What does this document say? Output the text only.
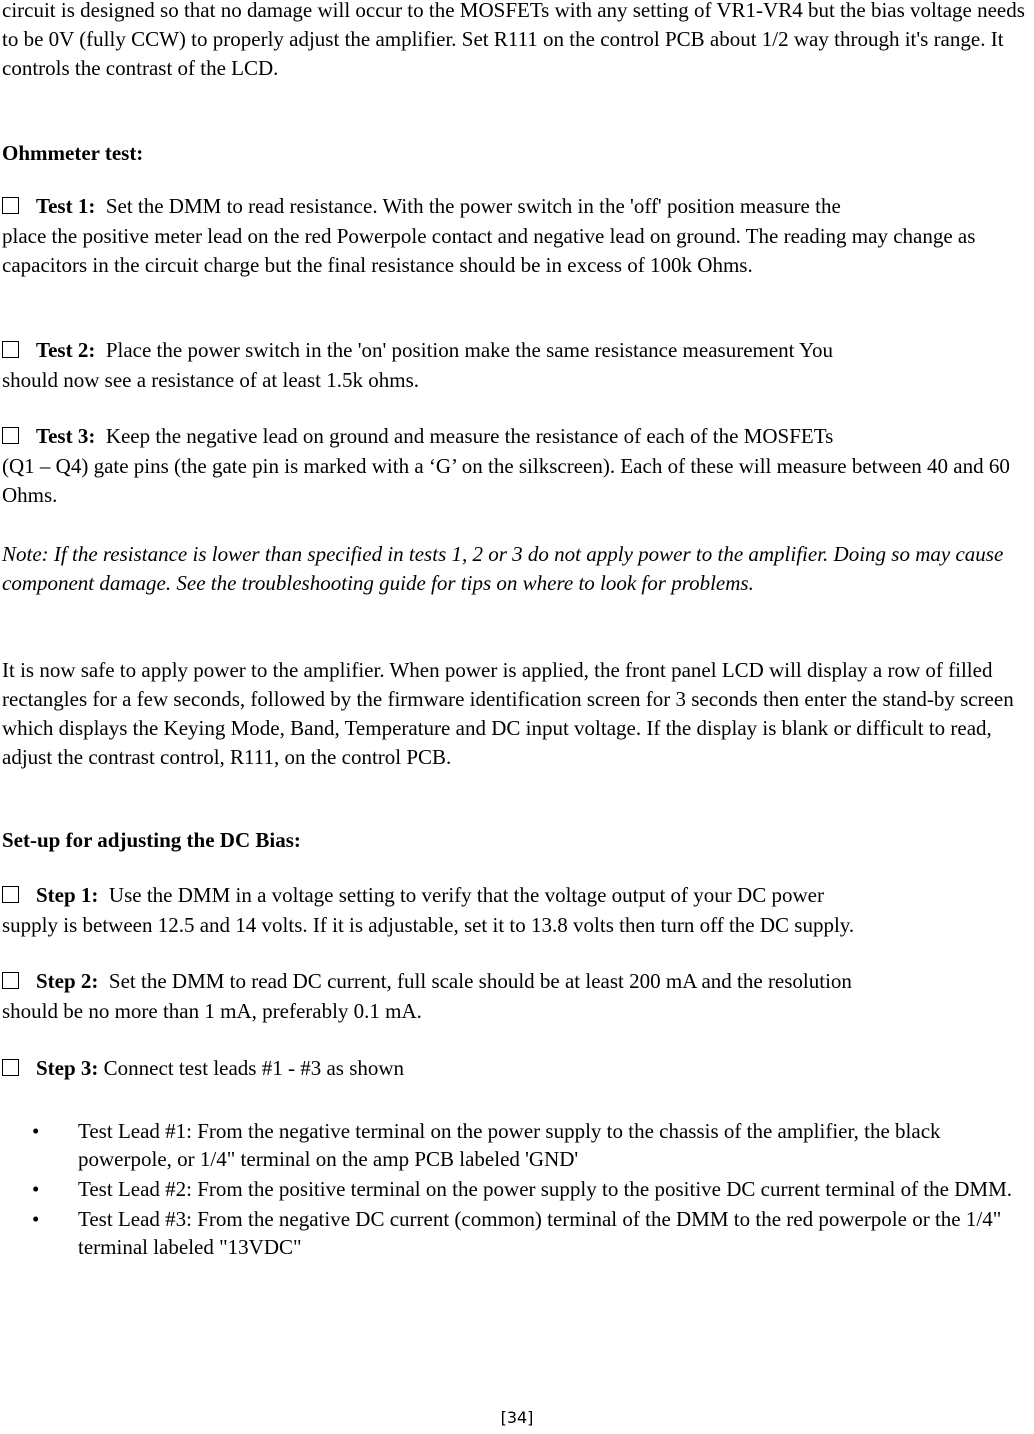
circuit is designed so that no damage will occur to the MOSFETs with any setting of VR1-VR4 but the bias voltage needs to be 0V (fully CCW) to properly adjust the amplifier. Set R111 on the control PCB about 1/2 way through it's range. It controls the contrast of the LCD.

Ohmmeter test:

Test 1: Set the DMM to read resistance. With the power switch in the 'off' position measure the

place the positive meter lead on the red Powerpole contact and negative lead on ground. The reading may change as capacitors in the circuit charge but the final resistance should be in excess of 100k Ohms.

Test 2: Place the power switch in the 'on' position make the same resistance measurement You

should now see a resistance of at least 1.5k ohms.

Test 3: Keep the negative lead on ground and measure the resistance of each of the MOSFETs

(Q1 – Q4) gate pins (the gate pin is marked with a ‘G’ on the silkscreen). Each of these will measure between 40 and 60 Ohms.

Note: If the resistance is lower than specified in tests 1, 2 or 3 do not apply power to the amplifier. Doing so may cause component damage. See the troubleshooting guide for tips on where to look for problems.

It is now safe to apply power to the amplifier. When power is applied, the front panel LCD will display a row of filled rectangles for a few seconds, followed by the firmware identification screen for 3 seconds then enter the stand-by screen which displays the Keying Mode, Band, Temperature and DC input voltage. If the display is blank or difficult to read, adjust the contrast control, R111, on the control PCB.

Set-up for adjusting the DC Bias:

Step 1: Use the DMM in a voltage setting to verify that the voltage output of your DC power

supply is between 12.5 and 14 volts. If it is adjustable, set it to 13.8 volts then turn off the DC supply.

Step 2: Set the DMM to read DC current, full scale should be at least 200 mA and the resolution

should be no more than 1 mA, preferably 0.1 mA.

Step 3: Connect test leads #1 - #3 as shown
• Test Lead #1: From the negative terminal on the power supply to the chassis of the amplifier, the black powerpole, or 1/4" terminal on the amp PCB labeled 'GND'
• Test Lead #2: From the positive terminal on the power supply to the positive DC current terminal of the DMM.
• Test Lead #3: From the negative DC current (common) terminal of the DMM to the red powerpole or the 1/4" terminal labeled "13VDC"
[34]
